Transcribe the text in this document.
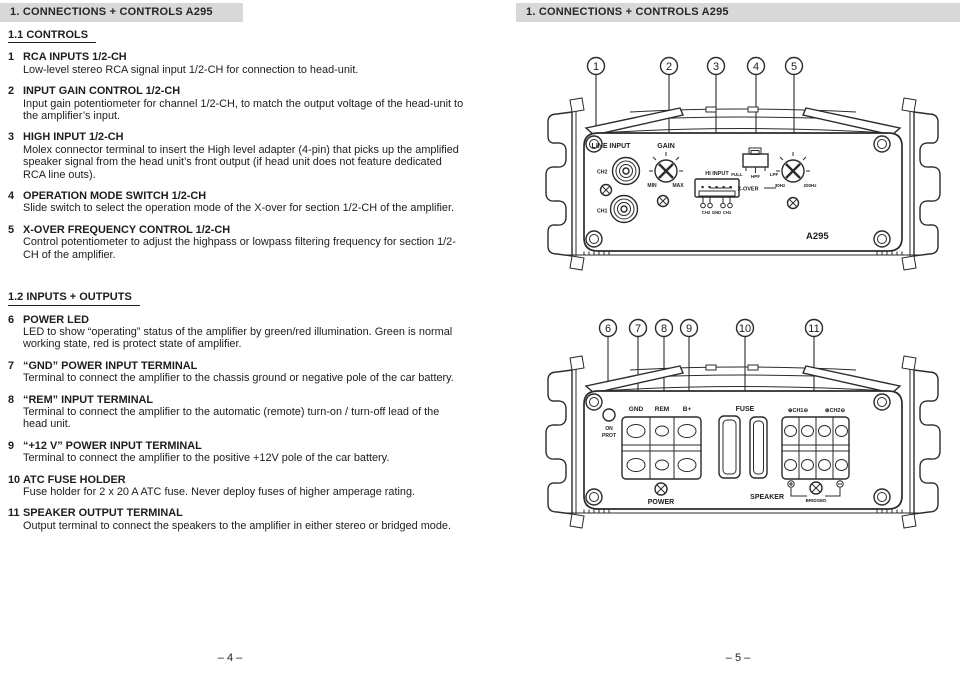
1. CONNECTIONS + CONTROLS A295
1.1 CONTROLS
1 RCA INPUTS 1/2-CH
Low-level stereo RCA signal input 1/2-CH for connection to head-unit.
2 INPUT GAIN CONTROL 1/2-CH
Input gain potentiometer for channel 1/2-CH, to match the output voltage of the head-unit to the amplifier’s input.
3 HIGH INPUT 1/2-CH
Molex connector terminal to insert the High level adapter (4-pin) that picks up the amplified speaker signal from the head unit’s front output (if head unit does not feature dedicated RCA line outs).
4 OPERATION MODE SWITCH 1/2-CH
Slide switch to select the operation mode of the X-over for section 1/2-CH of the amplifier.
5 X-OVER FREQUENCY CONTROL 1/2-CH
Control potentiometer to adjust the highpass or lowpass filtering frequency for section 1/2-CH of the amplifier.
1.2 INPUTS + OUTPUTS
6 POWER LED
LED to show “operating” status of the amplifier by green/red illumination. Green is normal working state, red is protect state of amplifier.
7 “GND” POWER INPUT TERMINAL
Terminal to connect the amplifier to the chassis ground or negative pole of the car battery.
8 “REM” INPUT TERMINAL
Terminal to connect the amplifier to the automatic (remote) turn-on / turn-off lead of the head unit.
9 “+12 V” POWER INPUT TERMINAL
Terminal to connect the amplifier to the positive +12V pole of the car battery.
10 ATC FUSE HOLDER
Fuse holder for 2 x 20 A ATC fuse. Never deploy fuses of higher amperage rating.
11 SPEAKER OUTPUT TERMINAL
Output terminal to connect the speakers to the amplifier in either stereo or bridged mode.
– 4 –
1. CONNECTIONS + CONTROLS A295
1	2	3	4	5
LINE INPUT
CH2
CH1
GAIN
MIN	MAX
HI INPUT
CH2 GND CH1
FULL HPF LPF
X-OVER
30Hz	200Hz
A295
6 7 8 9	10	11
ON
PROT
GND REM B+
POWER
FUSE	⊕CH1⊖	⊕CH2⊖
SPEAKER	BRIDGED
– 5 –
